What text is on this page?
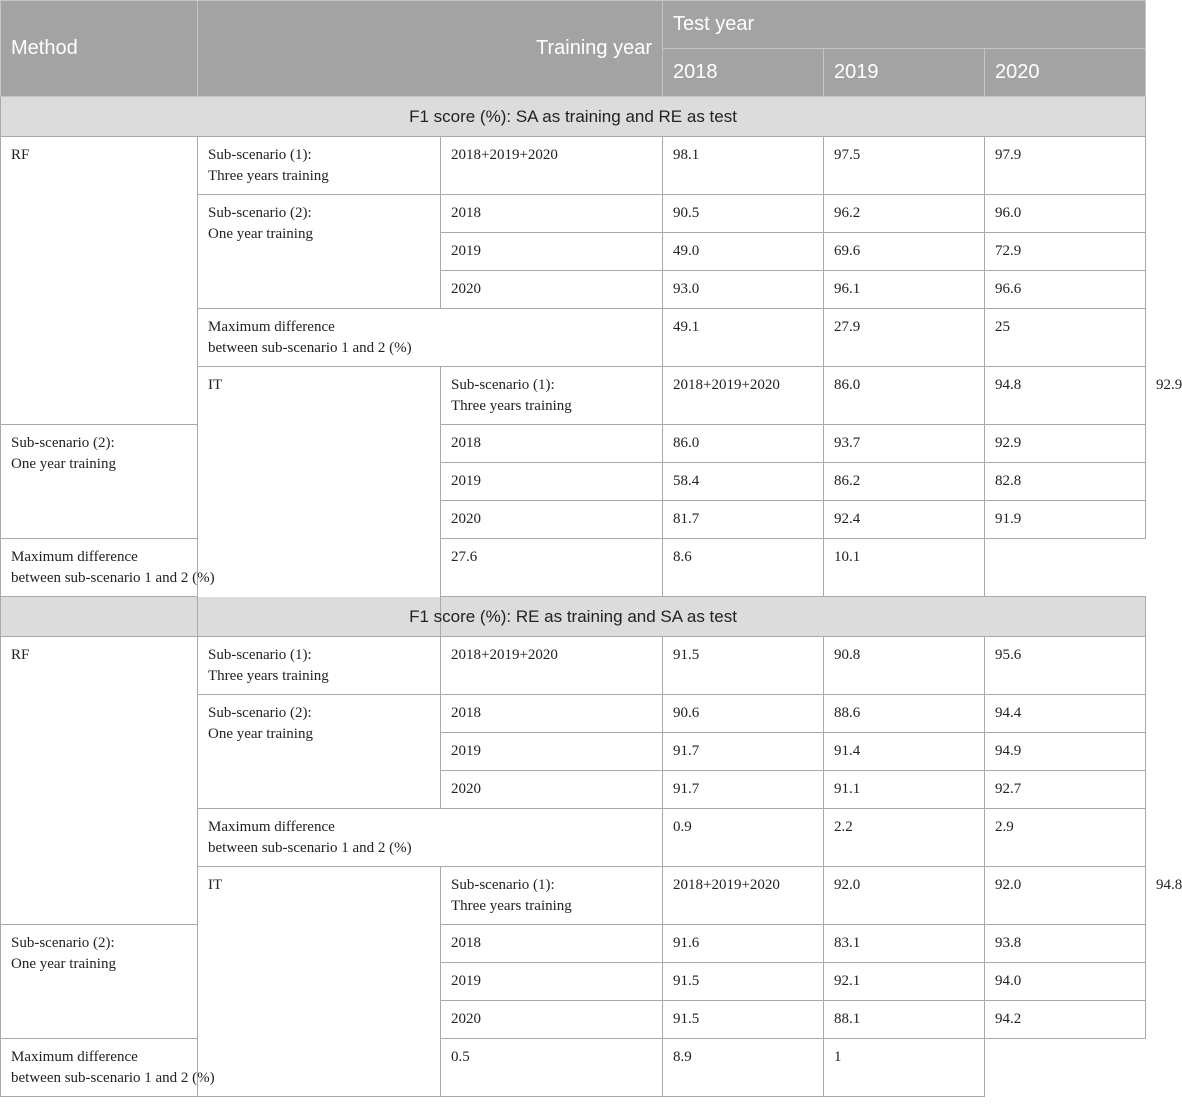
Method	Training year		Test year			
			2018	2019	2020	
F1 score (%): SA as training and RE as test						
RF	Sub-scenario (1):
Three years training	2018+2019+2020	98.1	97.5	97.9	

	Sub-scenario (2):
One year training	2018	90.5	96.2	96.0	
		2019	49.0	69.6	72.9	
		2020	93.0	96.1	96.6	

	Maximum difference
between sub-scenario 1 and 2 (%)		49.1	27.9	25	
	IT	Sub-scenario (1):
Three years training	2018+2019+2020	86.0	94.8	92.9

Sub-scenario (2):
One year training		2018	86.0	93.7	92.9	
		2019	58.4	86.2	82.8	
		2020	81.7	92.4	91.9	

Maximum difference
between sub-scenario 1 and 2 (%)		27.6	8.6	10.1		
F1 score (%): RE as training and SA as test						
RF	Sub-scenario (1):
Three years training	2018+2019+2020	91.5	90.8	95.6	

	Sub-scenario (2):
One year training	2018	90.6	88.6	94.4	
		2019	91.7	91.4	94.9	
		2020	91.7	91.1	92.7	

	Maximum difference
between sub-scenario 1 and 2 (%)		0.9	2.2	2.9	
	IT	Sub-scenario (1):
Three years training	2018+2019+2020	92.0	92.0	94.8

Sub-scenario (2):
One year training		2018	91.6	83.1	93.8	
		2019	91.5	92.1	94.0	
		2020	91.5	88.1	94.2	

Maximum difference
between sub-scenario 1 and 2 (%)		0.5	8.9	1		
